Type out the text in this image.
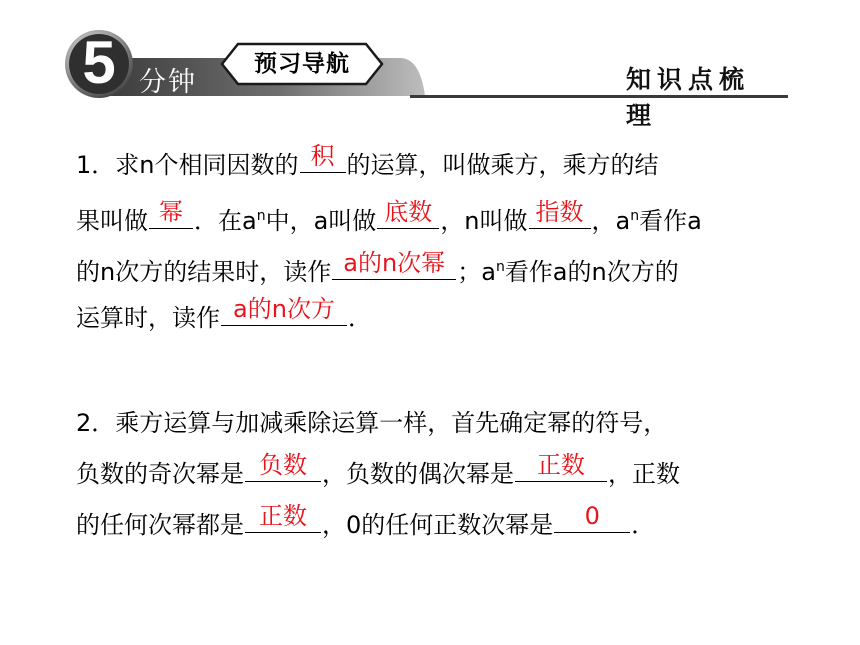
5 分钟
预习导航
知识点梳理
1．求n个相同因数的 积 的运算，叫做乘方，乘方的结
果叫做 幂 ．在$a^n$中，a叫做 底数 ，n叫做 指数 ，$a^n$看作a
的n次方的结果时，读作 a的n次幂 ；$a^n$看作a的n次方的
运算时，读作 a的n次方 ．
2．乘方运算与加减乘除运算一样，首先确定幂的符号，
负数的奇次幂是 负数 ，负数的偶次幂是 正数 ，正数
的任何次幂都是 正数 ，0的任何正数次幂是	0	．
